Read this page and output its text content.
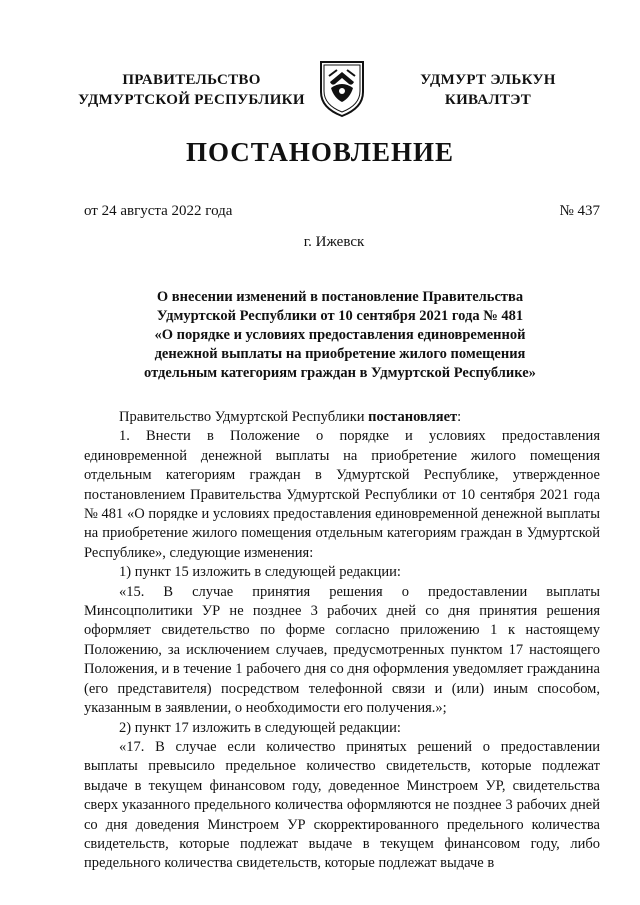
ПРАВИТЕЛЬСТВО
УДМУРТСКОЙ РЕСПУБЛИКИ
УДМУРТ ЭЛЬКУН
КИВАЛТЭТ
ПОСТАНОВЛЕНИЕ
от 24 августа 2022 года	№ 437
г. Ижевск
О внесении изменений в постановление Правительства
Удмуртской Республики от 10 сентября 2021 года № 481
«О порядке и условиях предоставления единовременной
денежной выплаты на приобретение жилого помещения
отдельным категориям граждан в Удмуртской Республике»

Правительство Удмуртской Республики постановляет:

1. Внести в Положение о порядке и условиях предоставления единовременной денежной выплаты на приобретение жилого помещения отдельным категориям граждан в Удмуртской Республике, утвержденное постановлением Правительства Удмуртской Республики от 10 сентября 2021 года № 481 «О порядке и условиях предоставления единовременной денежной выплаты на приобретение жилого помещения отдельным категориям граждан в Удмуртской Республике», следующие изменения:

1) пункт 15 изложить в следующей редакции:

«15. В случае принятия решения о предоставлении выплаты Минсоцполитики УР не позднее 3 рабочих дней со дня принятия решения оформляет свидетельство по форме согласно приложению 1 к настоящему Положению, за исключением случаев, предусмотренных пунктом 17 настоящего Положения, и в течение 1 рабочего дня со дня оформления уведомляет гражданина (его представителя) посредством телефонной связи и (или) иным способом, указанным в заявлении, о необходимости его получения.»;

2) пункт 17 изложить в следующей редакции:

«17. В случае если количество принятых решений о предоставлении выплаты превысило предельное количество свидетельств, которые подлежат выдаче в текущем финансовом году, доведенное Минстроем УР, свидетельства сверх указанного предельного количества оформляются не позднее 3 рабочих дней со дня доведения Минстроем УР скорректированного предельного количества свидетельств, которые подлежат выдаче в текущем финансовом году, либо предельного количества свидетельств, которые подлежат выдаче в
